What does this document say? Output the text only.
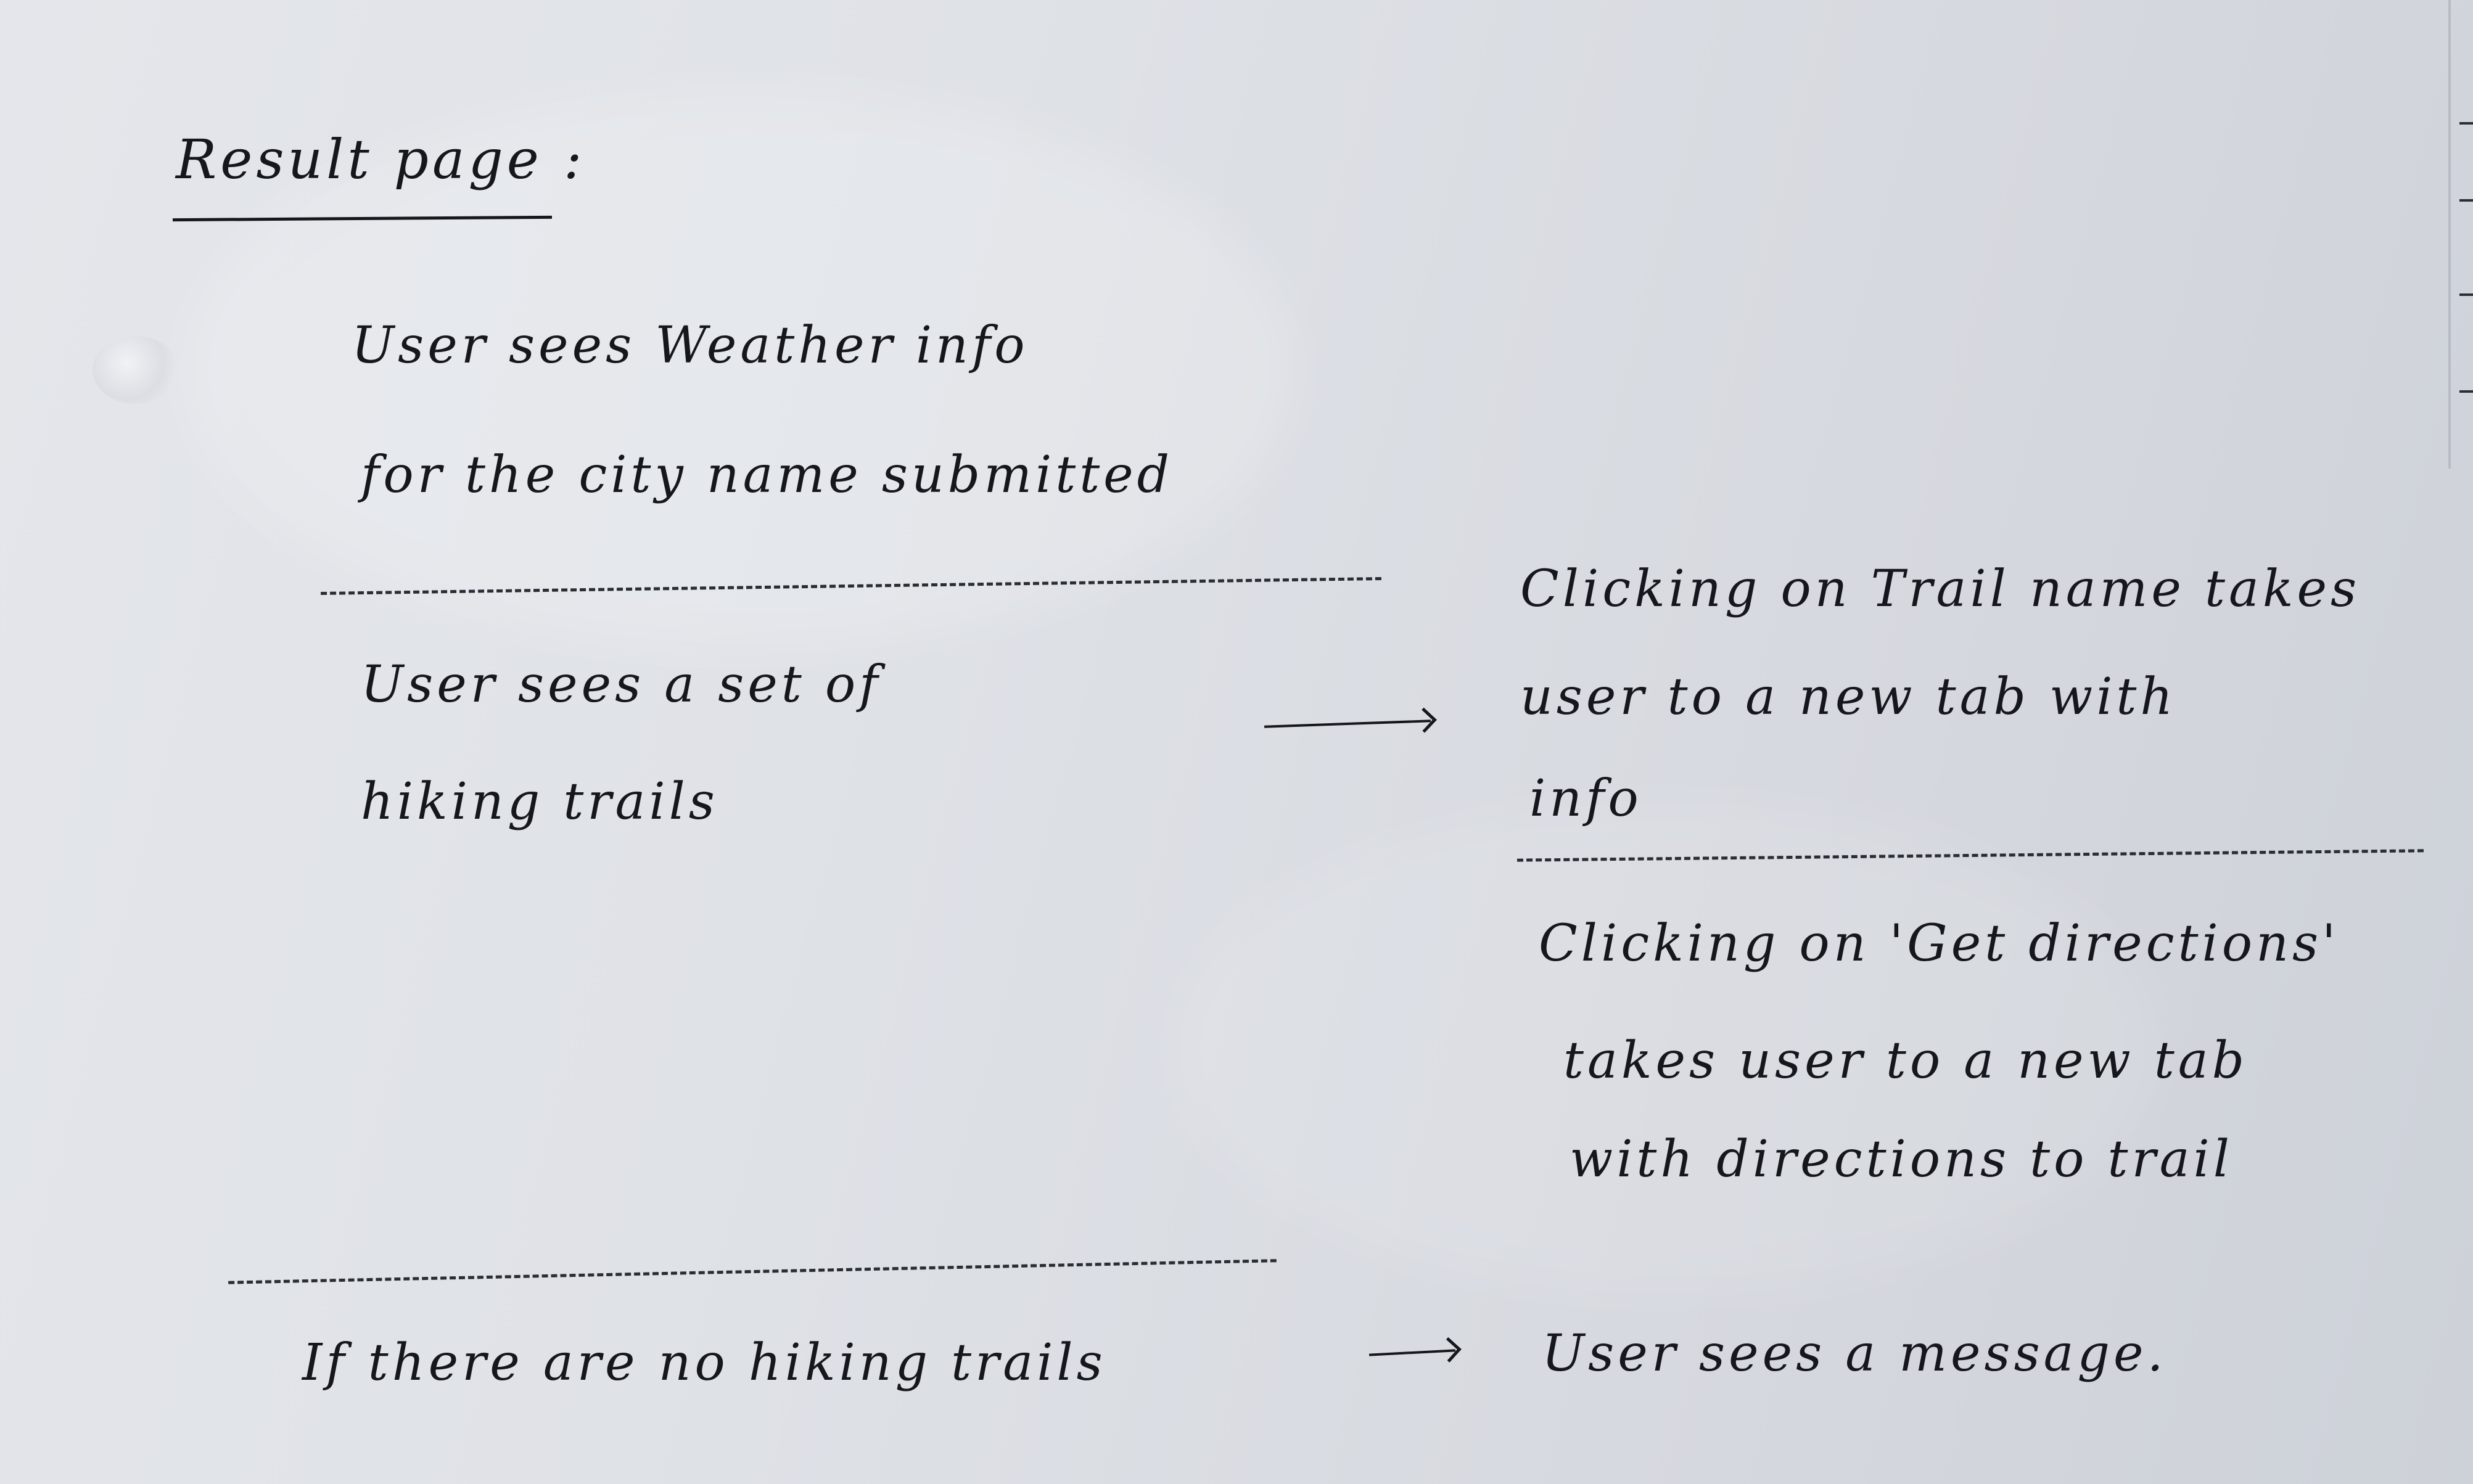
Result page :
User sees Weather info
for the city name submitted
User sees a set of
hiking trails
Clicking on Trail name takes
user to a new tab with
info
Clicking on 'Get directions'
takes user to a new tab
with directions to trail
If there are no hiking trails	User sees a message.
